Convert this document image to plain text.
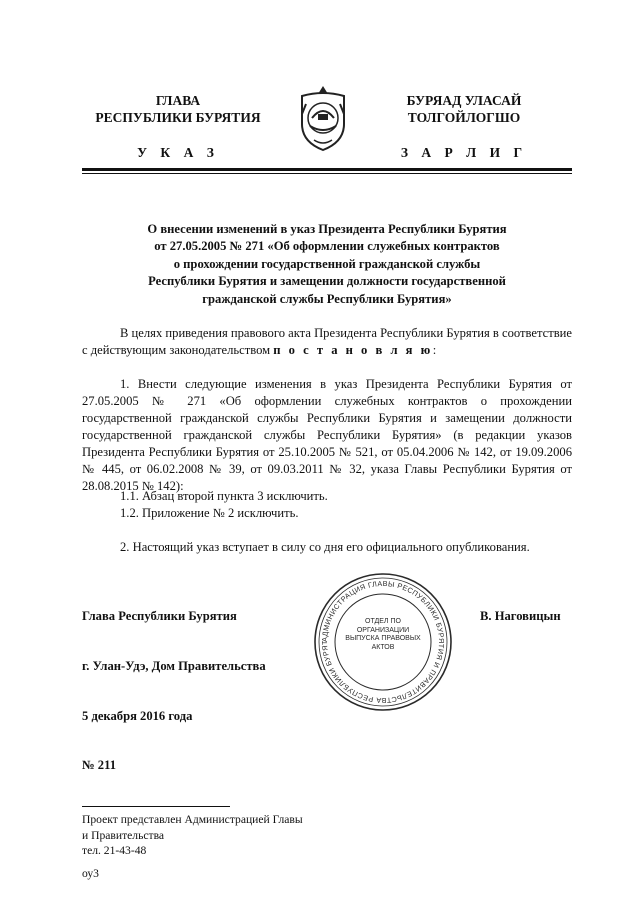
ГЛАВА
РЕСПУБЛИКИ БУРЯТИЯ
У К А З
БУРЯАД УЛАСАЙ
ТОЛГОЙЛОГШО
З А Р Л И Г
О внесении изменений в указ Президента Республики Бурятия
от 27.05.2005 № 271 «Об оформлении служебных контрактов
о прохождении государственной гражданской службы
Республики Бурятия и замещении должности государственной
гражданской службы Республики Бурятия»
В целях приведения правового акта Президента Республики Бурятия в соответствие с действующим законодательством п о с т а н о в л я ю:
1. Внести следующие изменения в указ Президента Республики Бурятия от 27.05.2005 № 271 «Об оформлении служебных контрактов о прохождении государственной гражданской службы Республики Бурятия и замещении должности государственной гражданской службы Республики Бурятия» (в редакции указов Президента Республики Бурятия от 25.10.2005 № 521, от 05.04.2006 № 142, от 19.09.2006 № 445, от 06.02.2008 № 39, от 09.03.2011 № 32, указа Главы Республики Бурятия от 28.08.2015 № 142):
1.1. Абзац второй пункта 3 исключить.
1.2. Приложение № 2 исключить.
2. Настоящий указ вступает в силу со дня его официального опубликования.
Глава Республики Бурятия	В. Наговицын
г. Улан-Удэ, Дом Правительства
5 декабря 2016 года
№ 211
АДМИНИСТРАЦИЯ ГЛАВЫ РЕСПУБЛИКИ БУРЯТИЯ И ПРАВИТЕЛЬСТВА РЕСПУБЛИКИ БУРЯТ
ОТДЕЛ ПО ОРГАНИЗАЦИИ ВЫПУСКА ПРАВОВЫХ АКТОВ
Проект представлен Администрацией Главы
и Правительства
тел. 21-43-48
оу3
